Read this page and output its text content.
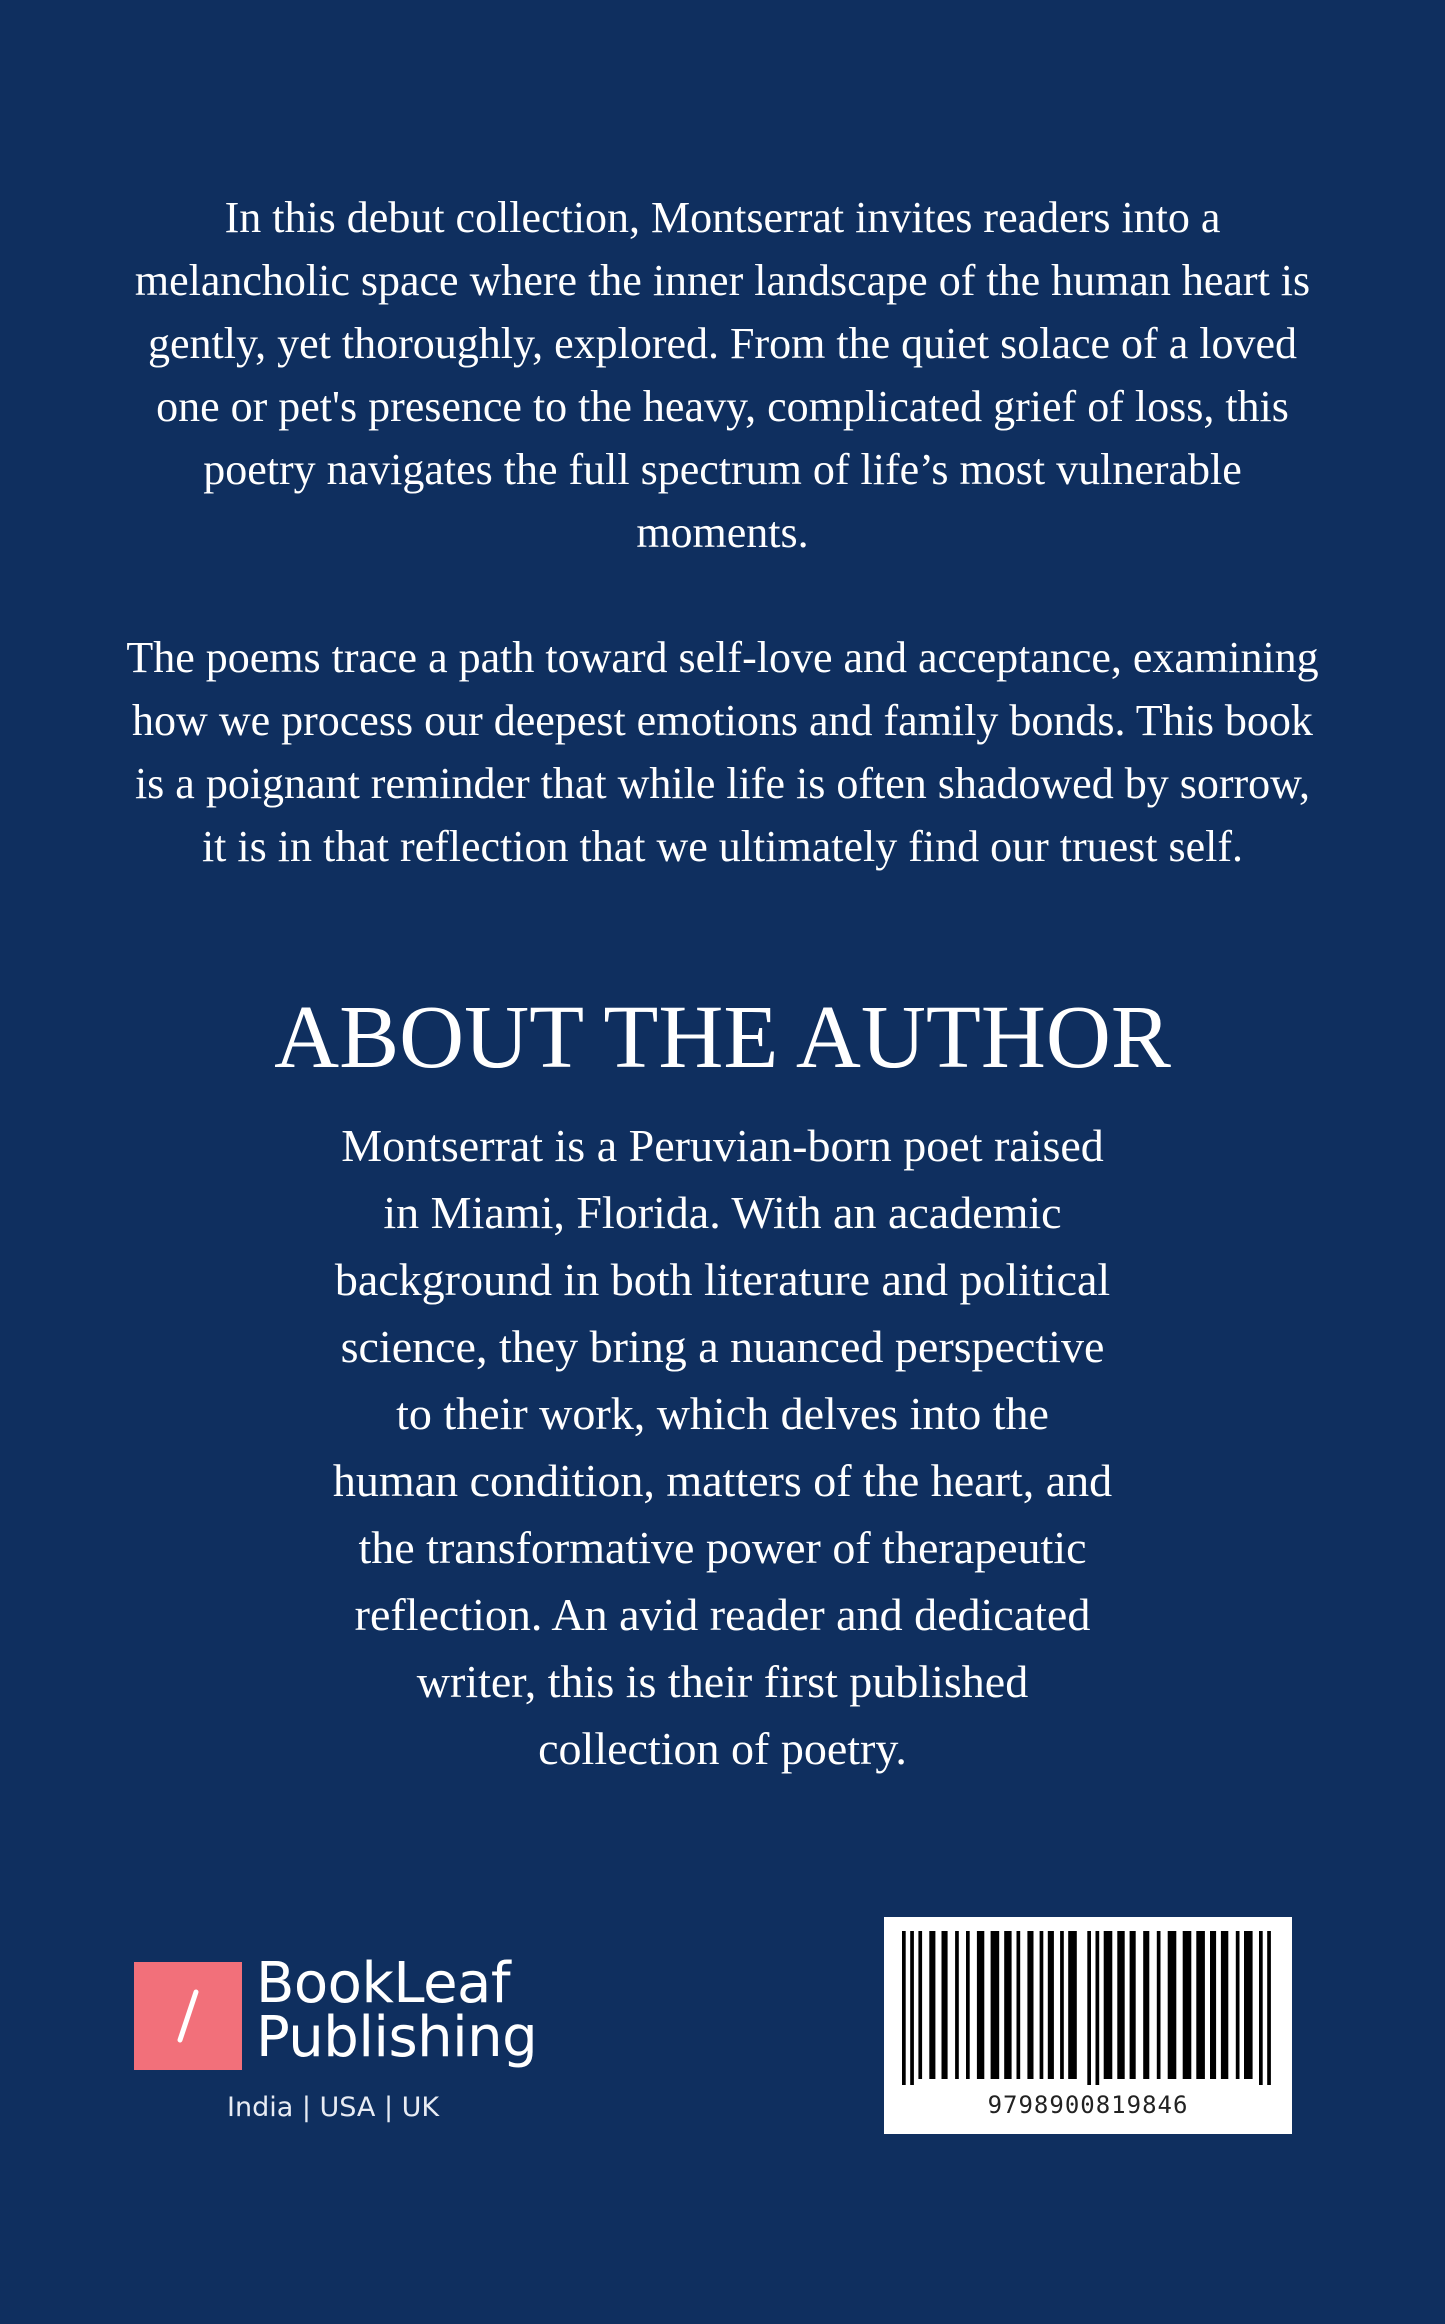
In this debut collection, Montserrat invites readers into a melancholic space where the inner landscape of the human heart is gently, yet thoroughly, explored. From the quiet solace of a loved one or pet's presence to the heavy, complicated grief of loss, this poetry navigates the full spectrum of life’s most vulnerable moments.
The poems trace a path toward self-love and acceptance, examining how we process our deepest emotions and family bonds. This book is a poignant reminder that while life is often shadowed by sorrow, it is in that reflection that we ultimately find our truest self.
ABOUT THE AUTHOR
Montserrat is a Peruvian-born poet raised in Miami, Florida. With an academic background in both literature and political science, they bring a nuanced perspective to their work, which delves into the human condition, matters of the heart, and the transformative power of therapeutic reflection. An avid reader and dedicated writer, this is their first published collection of poetry.
BookLeaf
Publishing
India | USA | UK	9798900819846
